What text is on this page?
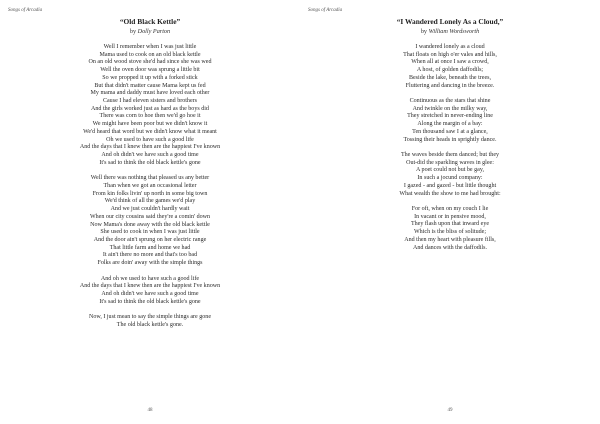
Songs of Arcadia
“Old Black Kettle”
by Dolly Parton
Well I remember when I was just little
Mama used to cook on an old black kettle
On an old wood stove she'd had since she was wed
Well the oven door was sprung a little bit
So we propped it up with a forked stick
But that didn't matter cause Mama kept us fed
My mama and daddy must have loved each other
Cause I had eleven sisters and brothers
And the girls worked just as hard as the boys did
There was corn to hoe then we'd go hoe it
We might have been poor but we didn't know it
We'd heard that word but we didn't know what it meant
Oh we used to have such a good life
And the days that I knew then are the happiest I've known
And oh didn't we have such a good time
It's sad to think the old black kettle's gone
Well there was nothing that pleased us any better
Than when we got an occasional letter
From kin folks livin' up north in some big town
We'd think of all the games we'd play
And we just couldn't hardly wait
When our city cousins said they're a comin' down
Now Mama's done away with the old black kettle
She used to cook in when I was just little
And the door ain't sprung on her electric range
That little farm and home we had
It ain't there no more and that's too bad
Folks are doin' away with the simple things
And oh we used to have such a good life
And the days that I knew then are the happiest I've known
And oh didn't we have such a good time
It's sad to think the old black kettle's gone
Now, I just mean to say the simple things are gone
The old black kettle's gone.
48
Songs of Arcadia
“I Wandered Lonely As a Cloud,”
by William Wordsworth
I wandered lonely as a cloud
That floats on high o'er vales and hills,
When all at once I saw a crowd,
A host, of golden daffodils;
Beside the lake, beneath the trees,
Fluttering and dancing in the breeze.
Continuous as the stars that shine
And twinkle on the milky way,
They stretched in never-ending line
Along the margin of a bay:
Ten thousand saw I at a glance,
Tossing their heads in sprightly dance.
The waves beside them danced; but they
Out-did the sparkling waves in glee:
A poet could not but be gay,
In such a jocund company:
I gazed - and gazed - but little thought
What wealth the show to me had brought:
For oft, when on my couch I lie
In vacant or in pensive mood,
They flash upon that inward eye
Which is the bliss of solitude;
And then my heart with pleasure fills,
And dances with the daffodils.
49
